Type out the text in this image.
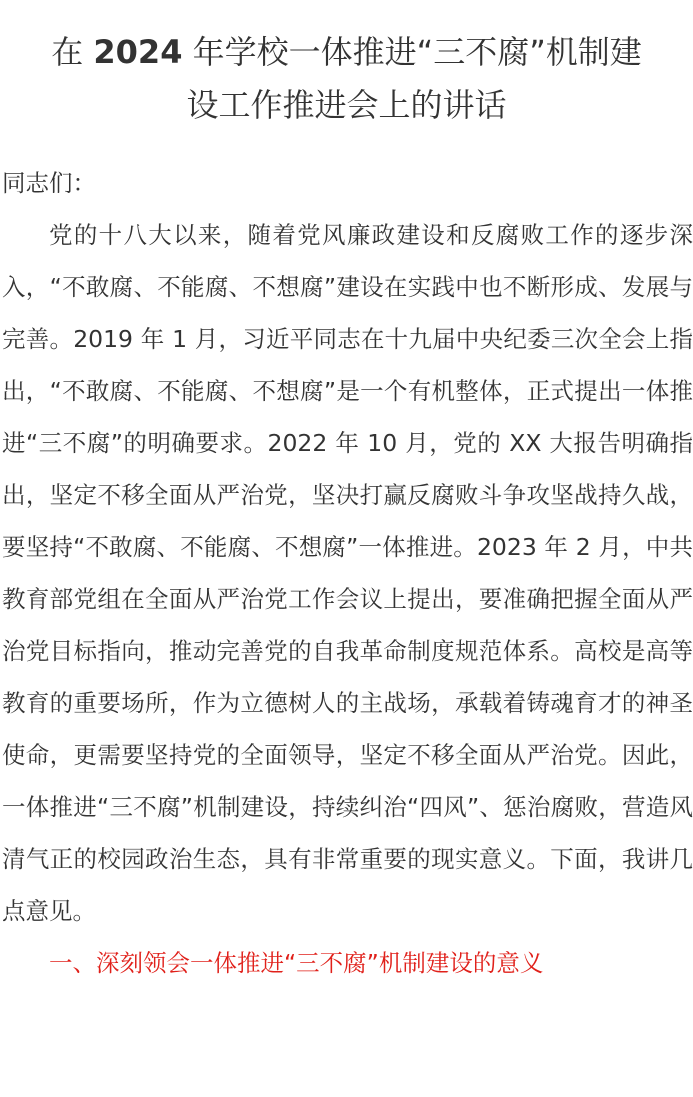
在 2024 年学校一体推进“三不腐”机制建
设工作推进会上的讲话

同志们：

党的十八大以来，随着党风廉政建设和反腐败工作的逐步深入，“不敢腐、不能腐、不想腐”建设在实践中也不断形成、发展与完善。2019 年 1 月，习近平同志在十九届中央纪委三次全会上指出，“不敢腐、不能腐、不想腐”是一个有机整体，正式提出一体推进“三不腐”的明确要求。2022 年 10 月，党的 XX 大报告明确指出，坚定不移全面从严治党，坚决打赢反腐败斗争攻坚战持久战，要坚持“不敢腐、不能腐、不想腐”一体推进。2023 年 2 月，中共教育部党组在全面从严治党工作会议上提出，要准确把握全面从严治党目标指向，推动完善党的自我革命制度规范体系。高校是高等教育的重要场所，作为立德树人的主战场，承载着铸魂育才的神圣使命，更需要坚持党的全面领导，坚定不移全面从严治党。因此，一体推进“三不腐”机制建设，持续纠治“四风”、惩治腐败，营造风清气正的校园政治生态，具有非常重要的现实意义。下面，我讲几点意见。

一、深刻领会一体推进“三不腐”机制建设的意义
